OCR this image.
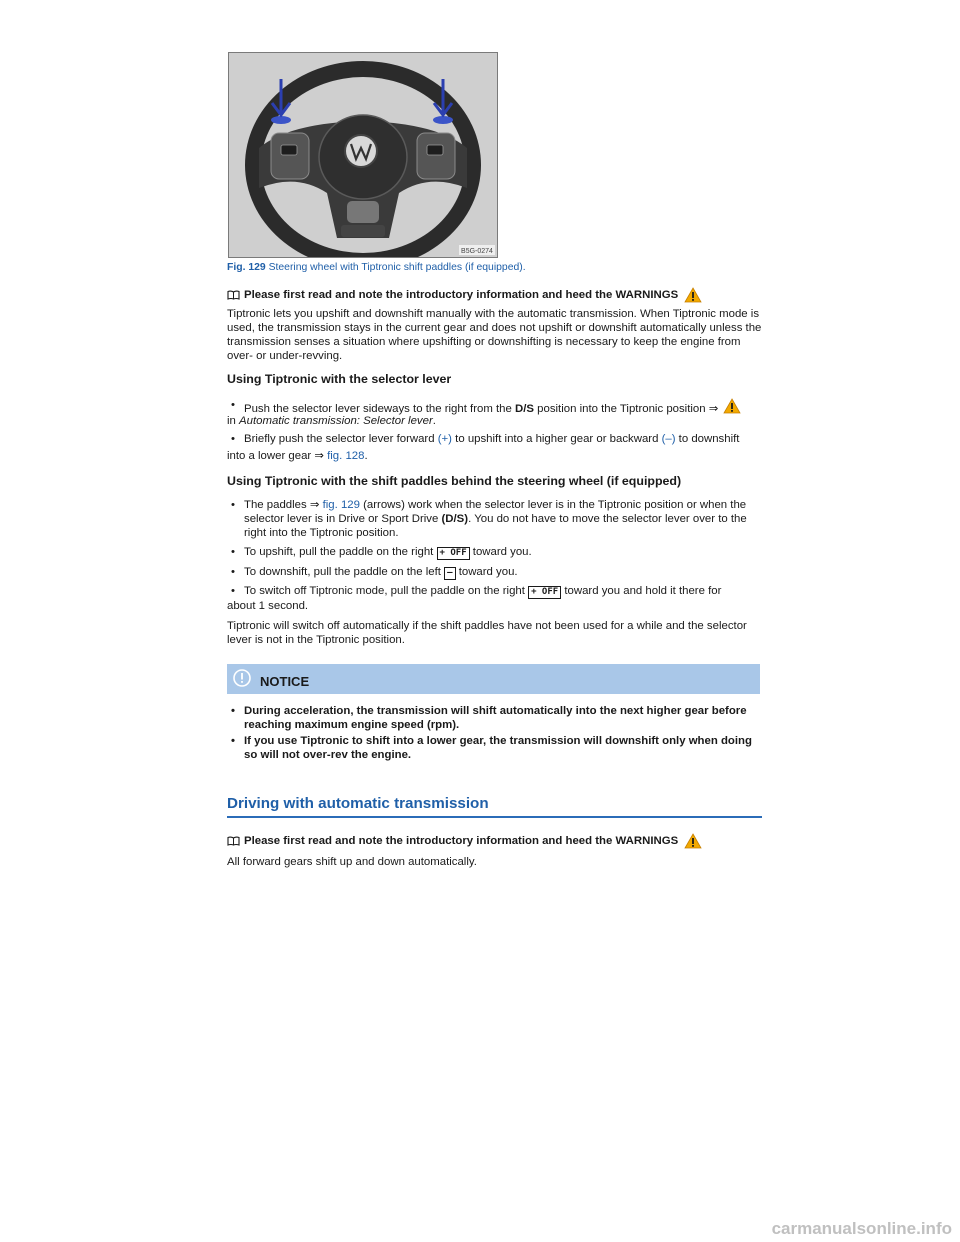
B5G-0274
Fig. 129 Steering wheel with Tiptronic shift paddles (if equipped).
Please first read and note the introductory information and heed the WARNINGS

Tiptronic lets you upshift and downshift manually with the automatic transmission. When Tiptronic mode is used, the transmission stays in the current gear and does not upshift or downshift automatically unless the transmission senses a situation where upshifting or downshifting is necessary to keep the engine from over- or under-revving.

Using Tiptronic with the selector lever
• Push the selector lever sideways to the right from the D/S position into the Tiptronic position ⇒
in Automatic transmission: Selector lever.
• Briefly push the selector lever forward (+) to upshift into a higher gear or backward (–) to downshift
into a lower gear ⇒ fig. 128.
Using Tiptronic with the shift paddles behind the steering wheel (if equipped)
• The paddles ⇒ fig. 129 (arrows) work when the selector lever is in the Tiptronic position or when the selector lever is in Drive or Sport Drive (D/S). You do not have to move the selector lever over to the right into the Tiptronic position.
• To upshift, pull the paddle on the right + OFF toward you.
• To downshift, pull the paddle on the left – toward you.
• To switch off Tiptronic mode, pull the paddle on the right + OFF toward you and hold it there for
about 1 second.

Tiptronic will switch off automatically if the shift paddles have not been used for a while and the selector lever is not in the Tiptronic position.

NOTICE
• During acceleration, the transmission will shift automatically into the next higher gear before reaching maximum engine speed (rpm).
• If you use Tiptronic to shift into a lower gear, the transmission will downshift only when doing so will not over-rev the engine.
Driving with automatic transmission
Please first read and note the introductory information and heed the WARNINGS

All forward gears shift up and down automatically.

carmanualsonline.info
